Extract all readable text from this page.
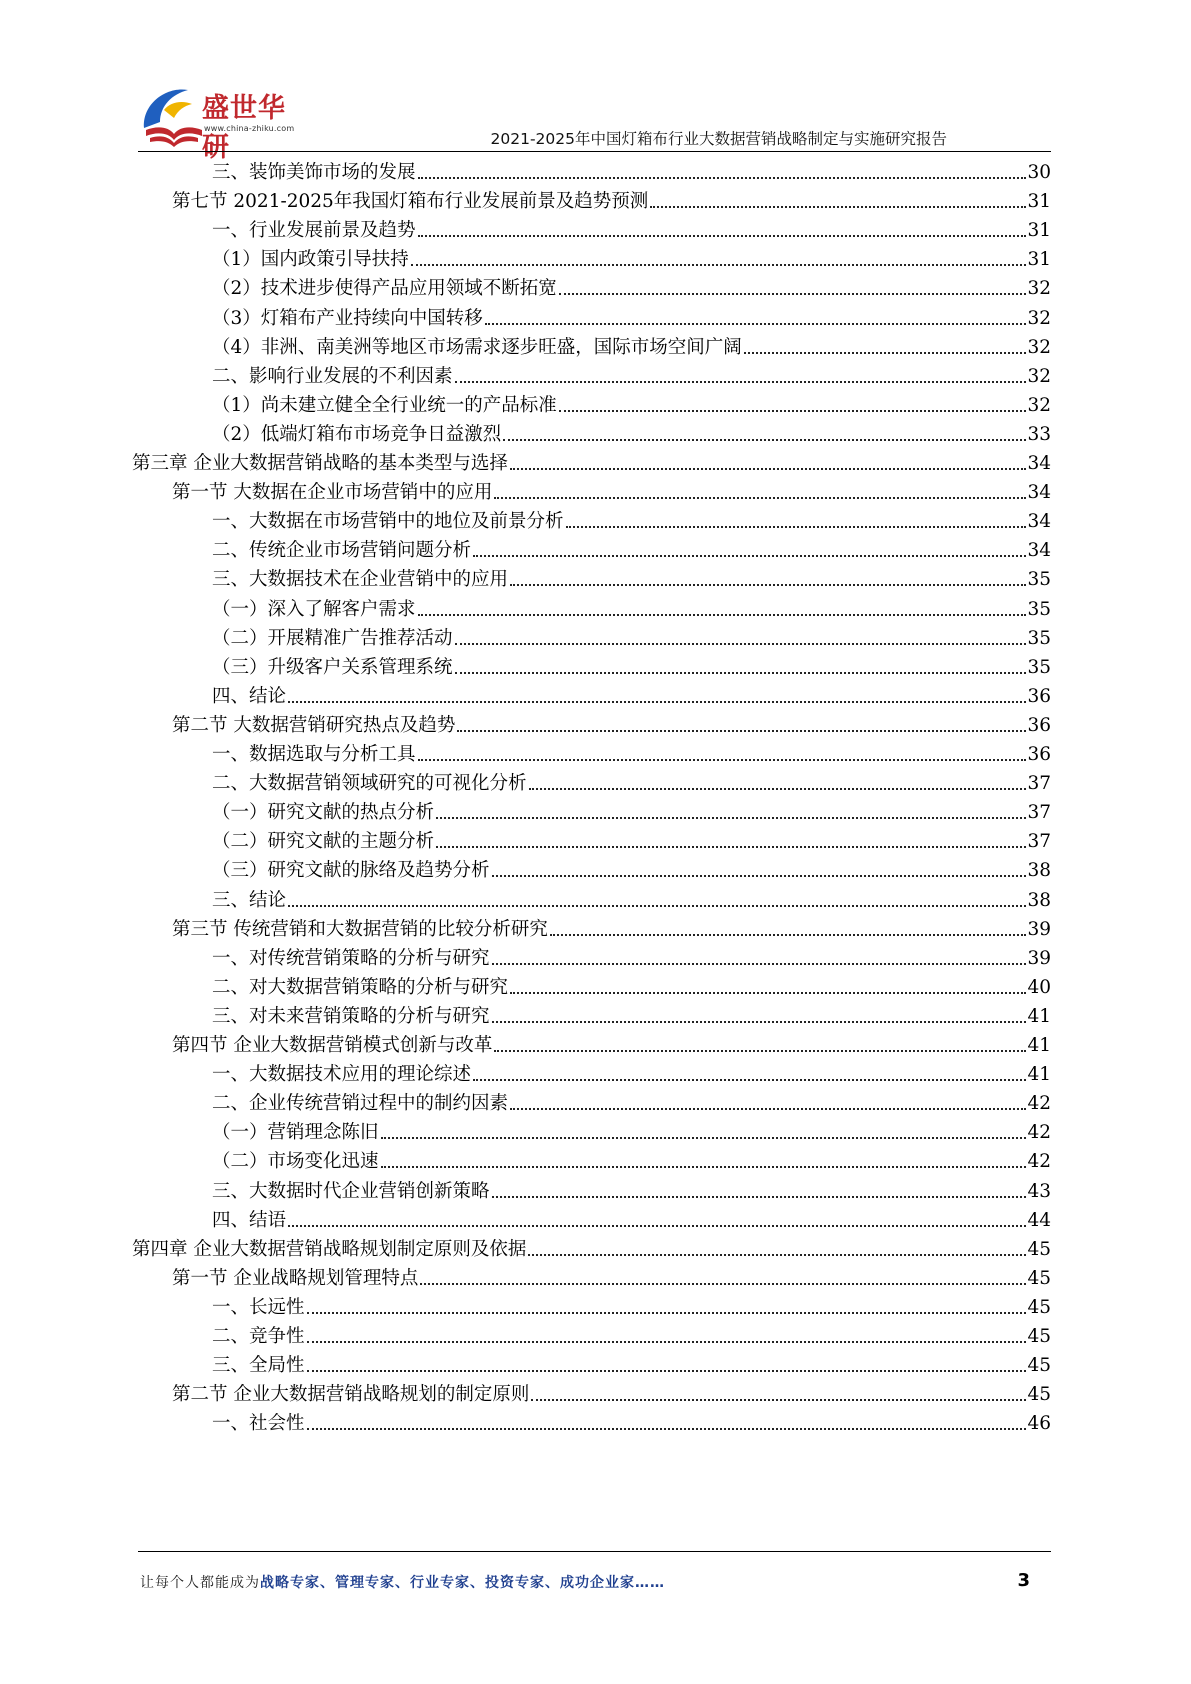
盛世华研
www.china-zhiku.com
2021-2025年中国灯箱布行业大数据营销战略制定与实施研究报告
三、装饰美饰市场的发展	30
第七节 2021-2025年我国灯箱布行业发展前景及趋势预测	31
一、行业发展前景及趋势	31
（1）国内政策引导扶持	31
（2）技术进步使得产品应用领域不断拓宽	32
（3）灯箱布产业持续向中国转移	32
（4）非洲、南美洲等地区市场需求逐步旺盛，国际市场空间广阔	32
二、影响行业发展的不利因素	32
（1）尚未建立健全全行业统一的产品标准	32
（2）低端灯箱布市场竞争日益激烈	33
第三章 企业大数据营销战略的基本类型与选择	34
第一节 大数据在企业市场营销中的应用	34
一、大数据在市场营销中的地位及前景分析	34
二、传统企业市场营销问题分析	34
三、大数据技术在企业营销中的应用	35
（一）深入了解客户需求	35
（二）开展精准广告推荐活动	35
（三）升级客户关系管理系统	35
四、结论	36
第二节 大数据营销研究热点及趋势	36
一、数据选取与分析工具	36
二、大数据营销领域研究的可视化分析	37
（一）研究文献的热点分析	37
（二）研究文献的主题分析	37
（三）研究文献的脉络及趋势分析	38
三、结论	38
第三节 传统营销和大数据营销的比较分析研究	39
一、对传统营销策略的分析与研究	39
二、对大数据营销策略的分析与研究	40
三、对未来营销策略的分析与研究	41
第四节 企业大数据营销模式创新与改革	41
一、大数据技术应用的理论综述	41
二、企业传统营销过程中的制约因素	42
（一）营销理念陈旧	42
（二）市场变化迅速	42
三、大数据时代企业营销创新策略	43
四、结语	44
第四章 企业大数据营销战略规划制定原则及依据	45
第一节 企业战略规划管理特点	45
一、长远性	45
二、竞争性	45
三、全局性	45
第二节 企业大数据营销战略规划的制定原则	45
一、社会性	46
让每个人都能成为战略专家、管理专家、行业专家、投资专家、成功企业家……	3
